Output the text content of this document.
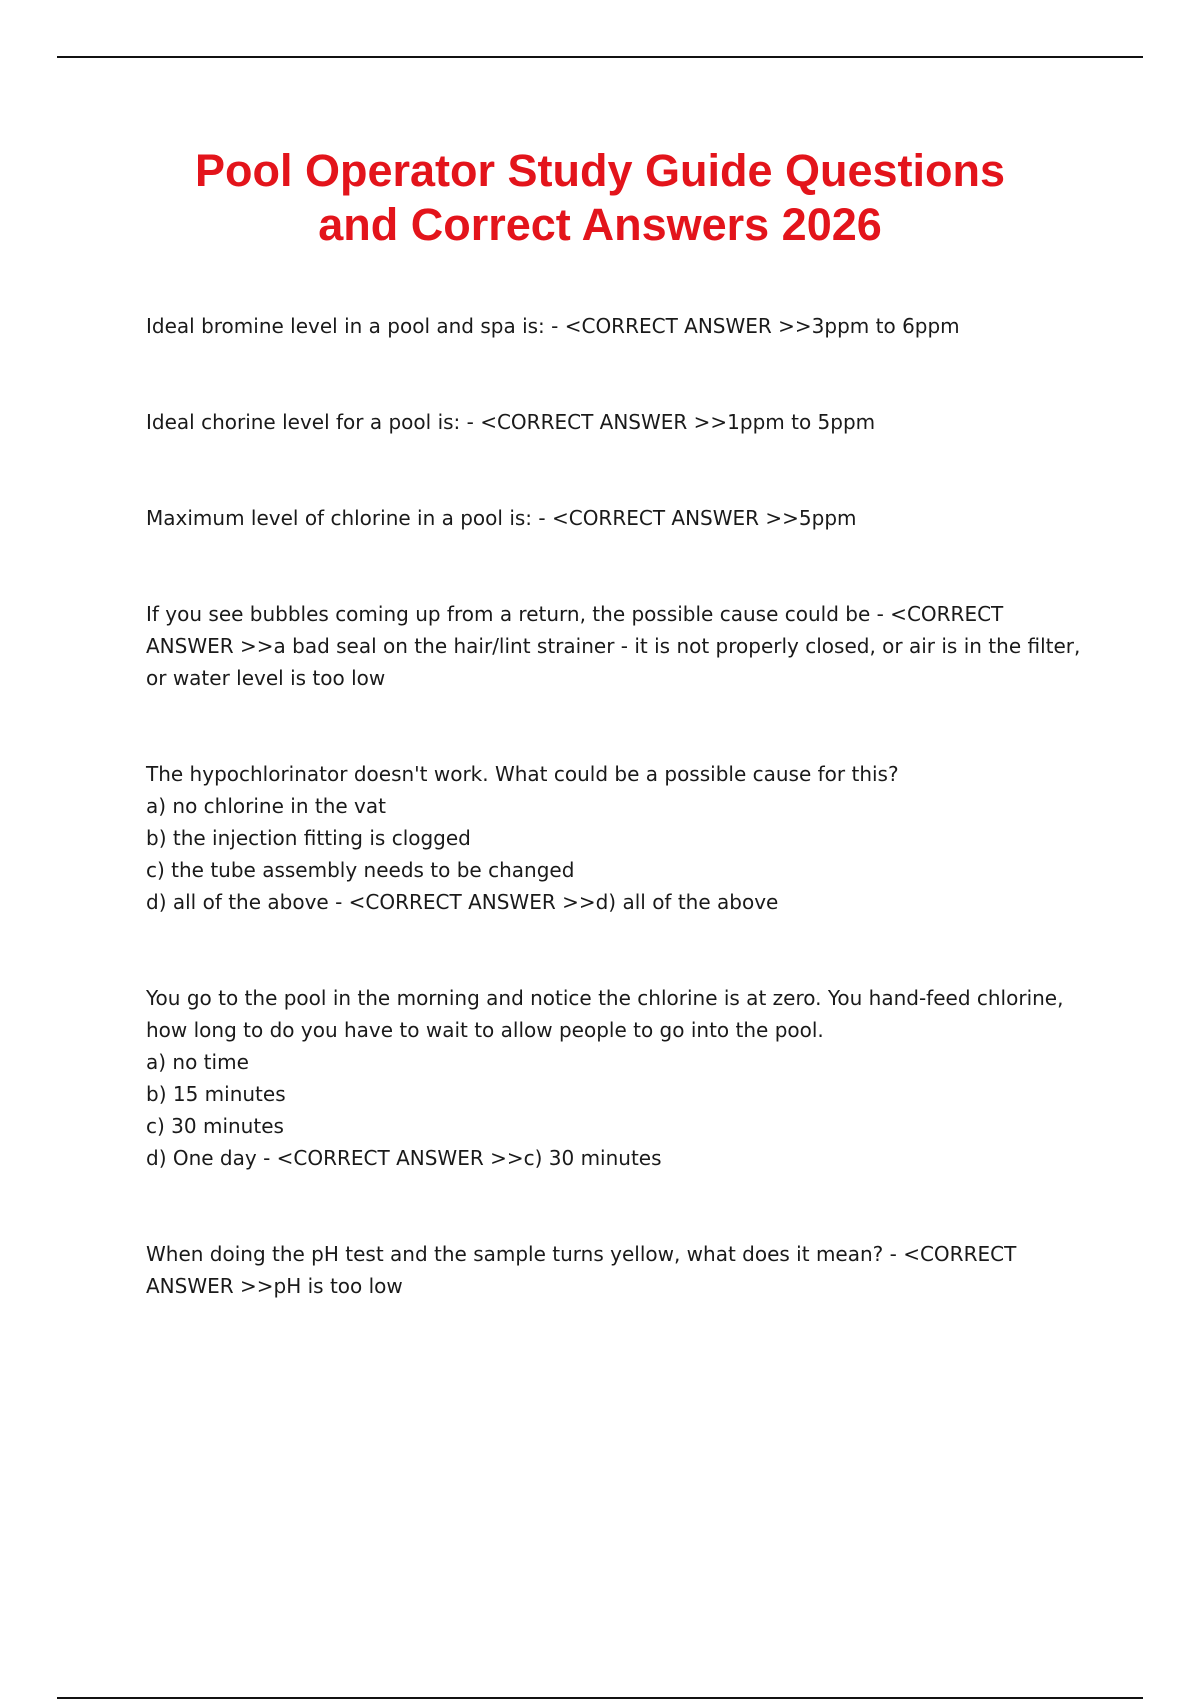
Pool Operator Study Guide Questions
and Correct Answers 2026

Ideal bromine level in a pool and spa is: - <CORRECT ANSWER >>3ppm to 6ppm

Ideal chorine level for a pool is: - <CORRECT ANSWER >>1ppm to 5ppm

Maximum level of chlorine in a pool is: - <CORRECT ANSWER >>5ppm

If you see bubbles coming up from a return, the possible cause could be - <CORRECT ANSWER >>a bad seal on the hair/lint strainer - it is not properly closed, or air is in the filter, or water level is too low

The hypochlorinator doesn't work. What could be a possible cause for this?

a) no chlorine in the vat

b) the injection fitting is clogged

c) the tube assembly needs to be changed

d) all of the above - <CORRECT ANSWER >>d) all of the above

You go to the pool in the morning and notice the chlorine is at zero. You hand-feed chlorine, how long to do you have to wait to allow people to go into the pool.

a) no time

b) 15 minutes

c) 30 minutes

d) One day - <CORRECT ANSWER >>c) 30 minutes

When doing the pH test and the sample turns yellow, what does it mean? - <CORRECT ANSWER >>pH is too low
